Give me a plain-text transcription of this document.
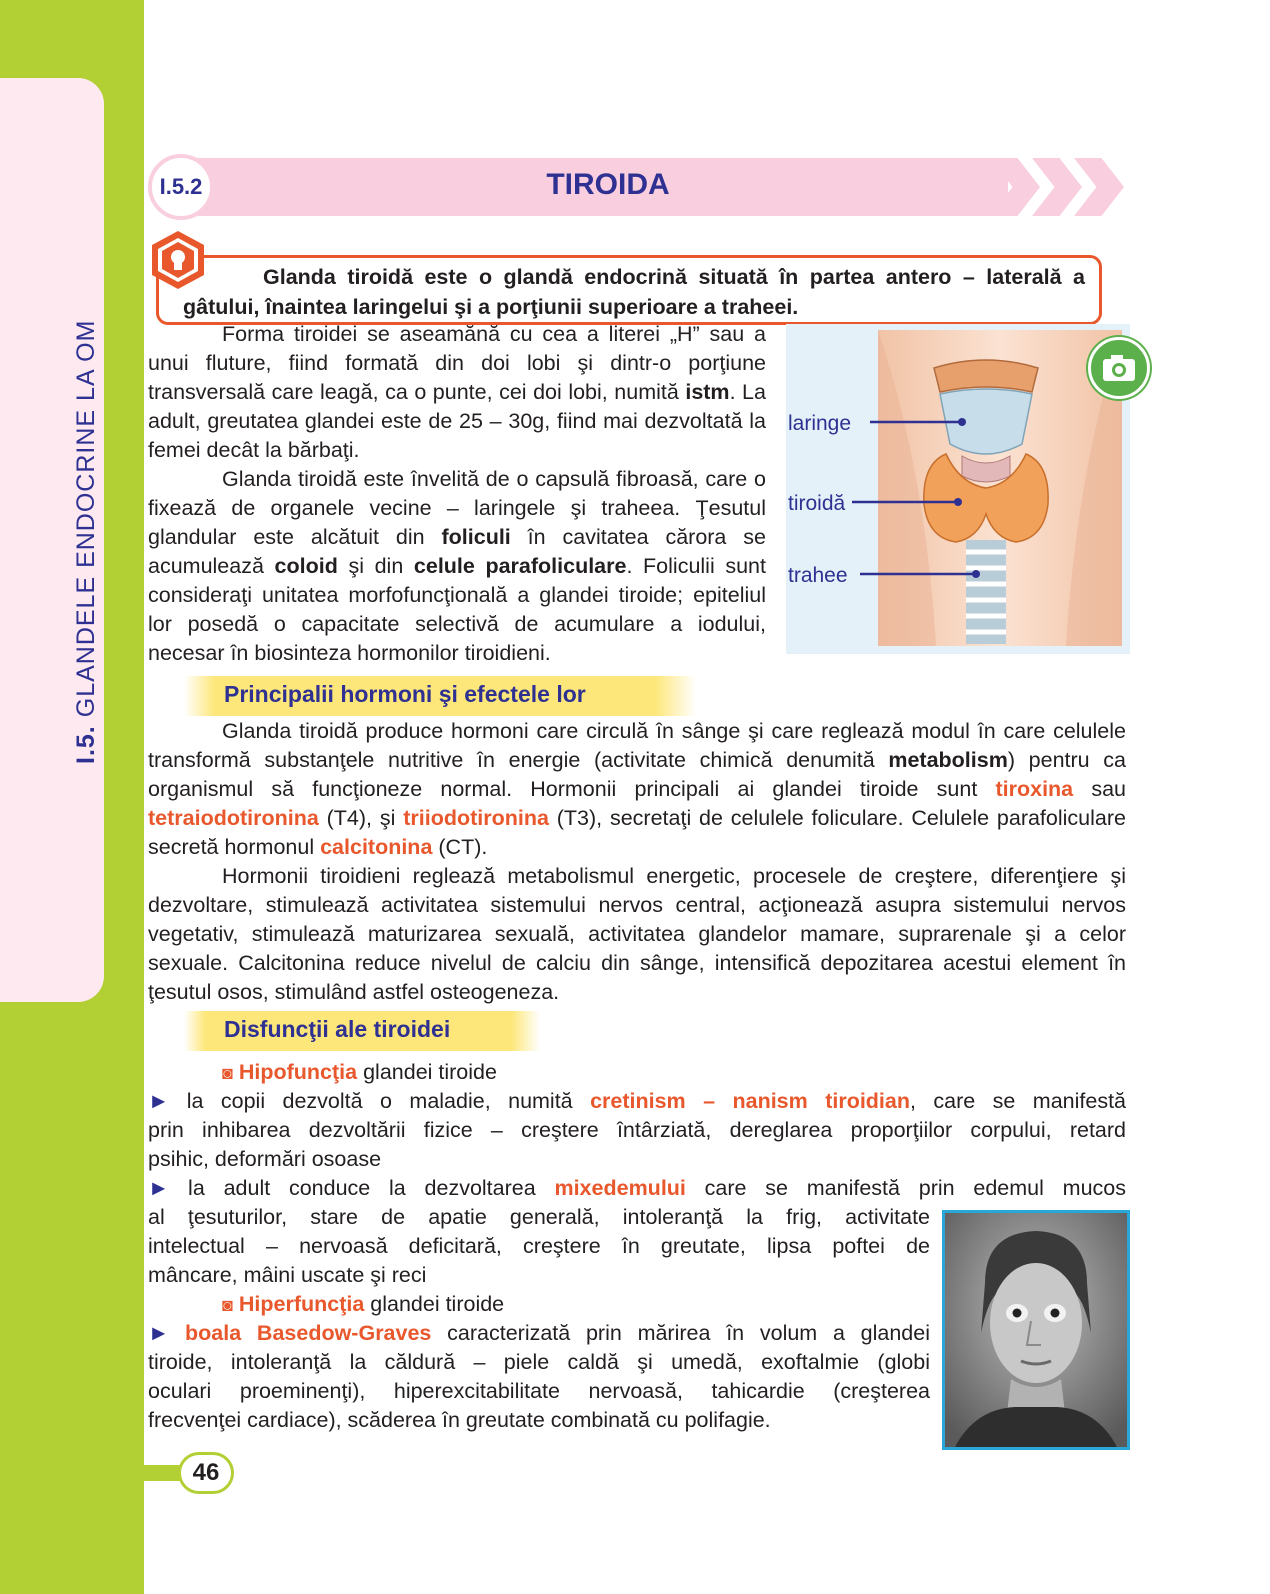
I.5.GLANDELE ENDOCRINE LA OM
I.5.2	TIROIDA

Glanda tiroidă este o glandă endocrină situată în partea antero – laterală a gâtului, înaintea laringelui şi a porţiunii superioare a traheei.

Forma tiroidei se aseamănă cu cea a literei „H” sau a unui fluture, fiind formată din doi lobi şi dintr-o porţiune transversală care leagă, ca o punte, cei doi lobi, numită istm. La adult, greutatea glandei este de 25 – 30g, fiind mai dezvoltată la femei decât la bărbaţi.

Glanda tiroidă este învelită de o capsulă fibroasă, care o fixează de organele vecine – laringele şi traheea. Ţesutul glandular este alcătuit din foliculi în cavitatea cărora se acumulează coloid şi din celule parafoliculare. Foliculii sunt consideraţi unitatea morfofuncţională a glandei tiroide; epiteliul lor posedă o capacitate selectivă de acumulare a iodului, necesar în biosinteza hormonilor tiroidieni.

laringe
tiroidă
trahee
Principalii hormoni şi efectele lor

Glanda tiroidă produce hormoni care circulă în sânge şi care reglează modul în care celulele transformă substanţele nutritive în energie (activitate chimică denumită metabolism) pentru ca organismul să funcţioneze normal. Hormonii principali ai glandei tiroide sunt tiroxina sau tetraiodotironina (T4), şi triiodotironina (T3), secretaţi de celulele foliculare. Celulele parafoliculare secretă hormonul calcitonina (CT).

Hormonii tiroidieni reglează metabolismul energetic, procesele de creştere, diferenţiere şi dezvoltare, stimulează activitatea sistemului nervos central, acţionează asupra sistemului nervos vegetativ, stimulează maturizarea sexuală, activitatea glandelor mamare, suprarenale şi a celor sexuale. Calcitonina reduce nivelul de calciu din sânge, intensifică depozitarea acestui element în ţesutul osos, stimulând astfel osteogeneza.

Disfuncţii ale tiroidei
◙ Hipofuncţia glandei tiroide
► la copii dezvoltă o maladie, numită cretinism – nanism tiroidian, care se manifestă
prin inhibarea dezvoltării fizice – creştere întârziată, dereglarea proporţiilor corpului, retard
psihic, deformări osoase
► la adult conduce la dezvoltarea mixedemului care se manifestă prin edemul mucos
al ţesuturilor, stare de apatie generală, intoleranţă la frig, activitate
intelectual – nervoasă deficitară, creştere în greutate, lipsa poftei de
mâncare, mâini uscate şi reci
◙ Hiperfuncţia glandei tiroide
► boala Basedow-Graves caracterizată prin mărirea în volum a glandei
tiroide, intoleranţă la căldură – piele caldă şi umedă, exoftalmie (globi
oculari proeminenţi), hiperexcitabilitate nervoasă, tahicardie (creşterea
frecvenţei cardiace), scăderea în greutate combinată cu polifagie.
46
